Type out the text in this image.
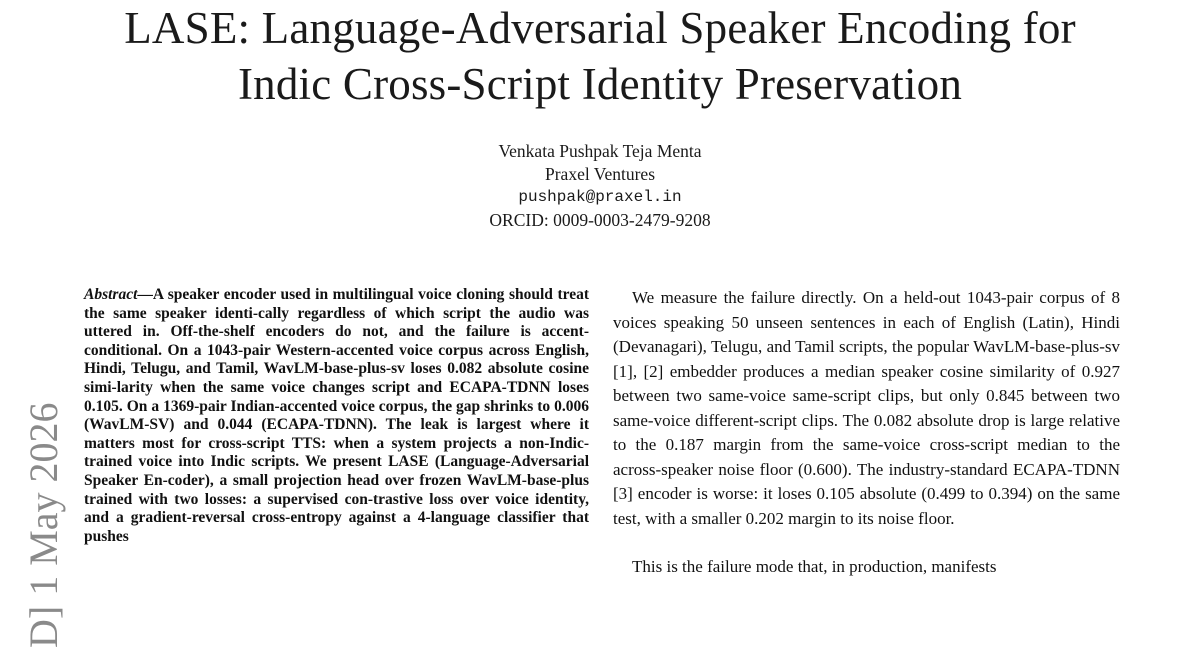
LASE: Language-Adversarial Speaker Encoding for
Indic Cross-Script Identity Preservation
Venkata Pushpak Teja Menta
Praxel Ventures
pushpak@praxel.in
ORCID: 0009-0003-2479-9208
D] 1 May 2026
Abstract—A speaker encoder used in multilingual voice cloning should treat the same speaker identi-cally regardless of which script the audio was uttered in. Off-the-shelf encoders do not, and the failure is accent-conditional. On a 1043-pair Western-accented voice corpus across English, Hindi, Telugu, and Tamil, WavLM-base-plus-sv loses 0.082 absolute cosine simi-larity when the same voice changes script and ECAPA-TDNN loses 0.105. On a 1369-pair Indian-accented voice corpus, the gap shrinks to 0.006 (WavLM-SV) and 0.044 (ECAPA-TDNN). The leak is largest where it matters most for cross-script TTS: when a system projects a non-Indic-trained voice into Indic scripts. We present LASE (Language-Adversarial Speaker En-coder), a small projection head over frozen WavLM-base-plus trained with two losses: a supervised con-trastive loss over voice identity, and a gradient-reversal cross-entropy against a 4-language classifier that pushes

We measure the failure directly. On a held-out 1043-pair corpus of 8 voices speaking 50 unseen sentences in each of English (Latin), Hindi (Devanagari), Telugu, and Tamil scripts, the popular WavLM-base-plus-sv [1], [2] embedder produces a median speaker cosine similarity of 0.927 between two same-voice same-script clips, but only 0.845 between two same-voice different-script clips. The 0.082 absolute drop is large relative to the 0.187 margin from the same-voice cross-script median to the across-speaker noise floor (0.600). The industry-standard ECAPA-TDNN [3] encoder is worse: it loses 0.105 absolute (0.499 to 0.394) on the same test, with a smaller 0.202 margin to its noise floor.

This is the failure mode that, in production, manifests
